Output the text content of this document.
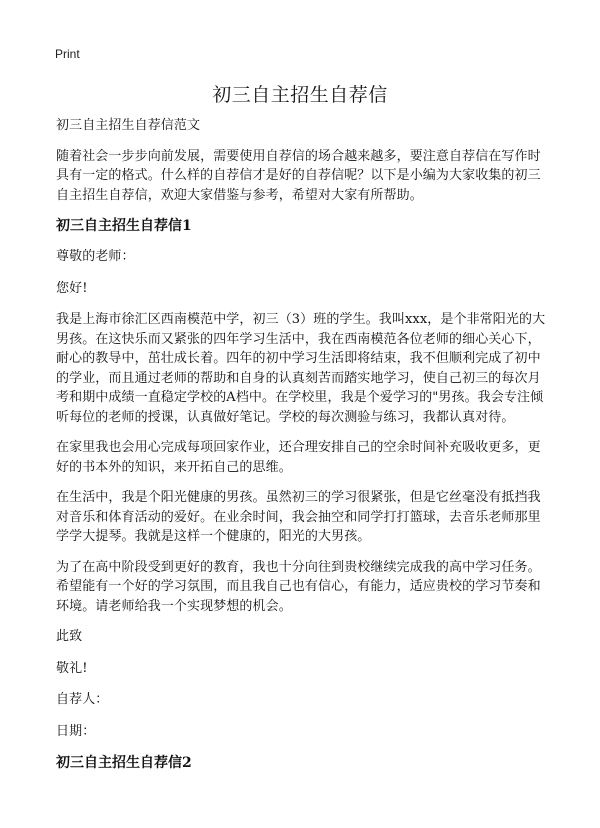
Print
初三自主招生自荐信

初三自主招生自荐信范文

随着社会一步步向前发展，需要使用自荐信的场合越来越多，要注意自荐信在写作时具有一定的格式。什么样的自荐信才是好的自荐信呢？以下是小编为大家收集的初三自主招生自荐信，欢迎大家借鉴与参考，希望对大家有所帮助。

初三自主招生自荐信1

尊敬的老师：

您好!

我是上海市徐汇区西南模范中学，初三（3）班的学生。我叫xxx，是个非常阳光的大男孩。在这快乐而又紧张的四年学习生活中，我在西南模范各位老师的细心关心下，耐心的教导中，茁壮成长着。四年的初中学习生活即将结束，我不但顺利完成了初中的学业，而且通过老师的帮助和自身的认真刻苦而踏实地学习，使自己初三的每次月考和期中成绩一直稳定学校的A档中。在学校里，我是个爱学习的"男孩。我会专注倾听每位的老师的授课，认真做好笔记。学校的每次测验与练习，我都认真对待。

在家里我也会用心完成每项回家作业，还合理安排自己的空余时间补充吸收更多，更好的书本外的知识，来开拓自己的思维。

在生活中，我是个阳光健康的男孩。虽然初三的学习很紧张，但是它丝毫没有抵挡我对音乐和体育活动的爱好。在业余时间，我会抽空和同学打打篮球，去音乐老师那里学学大提琴。我就是这样一个健康的，阳光的大男孩。

为了在高中阶段受到更好的教育，我也十分向往到贵校继续完成我的高中学习任务。希望能有一个好的学习氛围，而且我自己也有信心，有能力，适应贵校的学习节奏和环境。请老师给我一个实现梦想的机会。

此致

敬礼!

自荐人：

日期：

初三自主招生自荐信2
